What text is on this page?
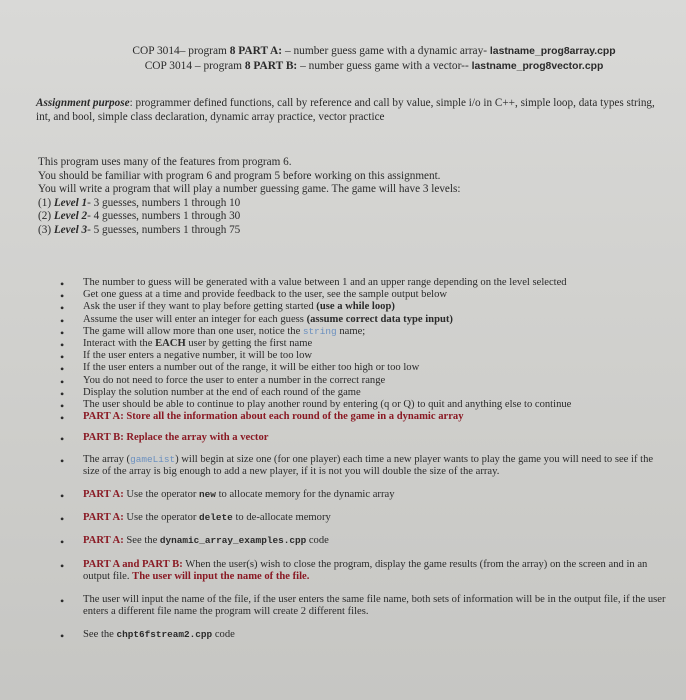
COP 3014– program 8 PART A: – number guess game with a dynamic array- lastname_prog8array.cpp
COP 3014 – program 8 PART B: – number guess game with a vector-- lastname_prog8vector.cpp
Assignment purpose: programmer defined functions, call by reference and call by value, simple i/o in C++, simple loop, data types string, int, and bool, simple class declaration, dynamic array practice, vector practice
This program uses many of the features from program 6.
You should be familiar with program 6 and program 5 before working on this assignment.
You will write a program that will play a number guessing game. The game will have 3 levels:
(1) Level 1- 3 guesses, numbers 1 through 10
(2) Level 2- 4 guesses, numbers 1 through 30
(3) Level 3- 5 guesses, numbers 1 through 75
• The number to guess will be generated with a value between 1 and an upper range depending on the level selected
• Get one guess at a time and provide feedback to the user, see the sample output below
• Ask the user if they want to play before getting started (use a while loop)
• Assume the user will enter an integer for each guess (assume correct data type input)
• The game will allow more than one user, notice the string name;
• Interact with the EACH user by getting the first name
• If the user enters a negative number, it will be too low
• If the user enters a number out of the range, it will be either too high or too low
• You do not need to force the user to enter a number in the correct range
• Display the solution number at the end of each round of the game
• The user should be able to continue to play another round by entering (q or Q) to quit and anything else to continue
• PART A: Store all the information about each round of the game in a dynamic array
• PART B: Replace the array with a vector
• The array (gameList) will begin at size one (for one player) each time a new player wants to play the game you will need to see if the size of the array is big enough to add a new player, if it is not you will double the size of the array.
• PART A: Use the operator new to allocate memory for the dynamic array
• PART A: Use the operator delete to de-allocate memory
• PART A: See the dynamic_array_examples.cpp code
• PART A and PART B: When the user(s) wish to close the program, display the game results (from the array) on the screen and in an output file. The user will input the name of the file.
• The user will input the name of the file, if the user enters the same file name, both sets of information will be in the output file, if the user enters a different file name the program will create 2 different files.
• See the chpt6fstream2.cpp code
